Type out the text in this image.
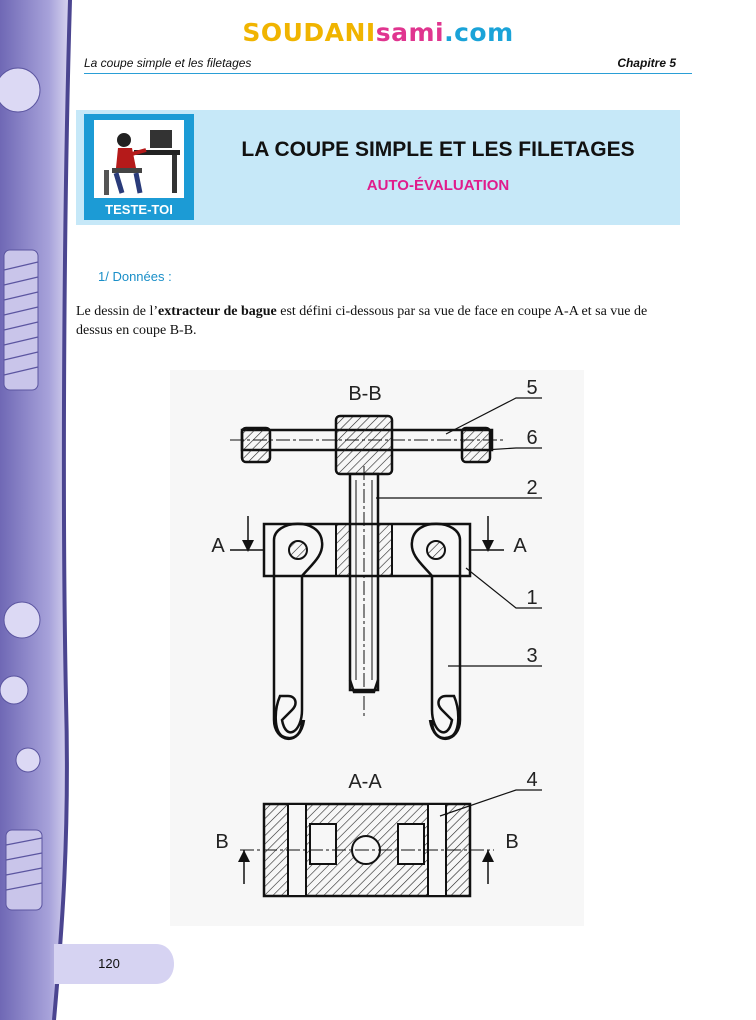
SOUDANIsami.com
La coupe simple et les filetages	Chapitre 5
TESTE-TOI
LA COUPE SIMPLE ET LES FILETAGES
AUTO-ÉVALUATION
1/ Données :

Le dessin de l’extracteur de bague est défini ci-dessous par sa vue de face en coupe A-A et sa vue de dessus en coupe B-B.

B-B
A	A
5
6
2
1
3
A-A
B	B
4
120
